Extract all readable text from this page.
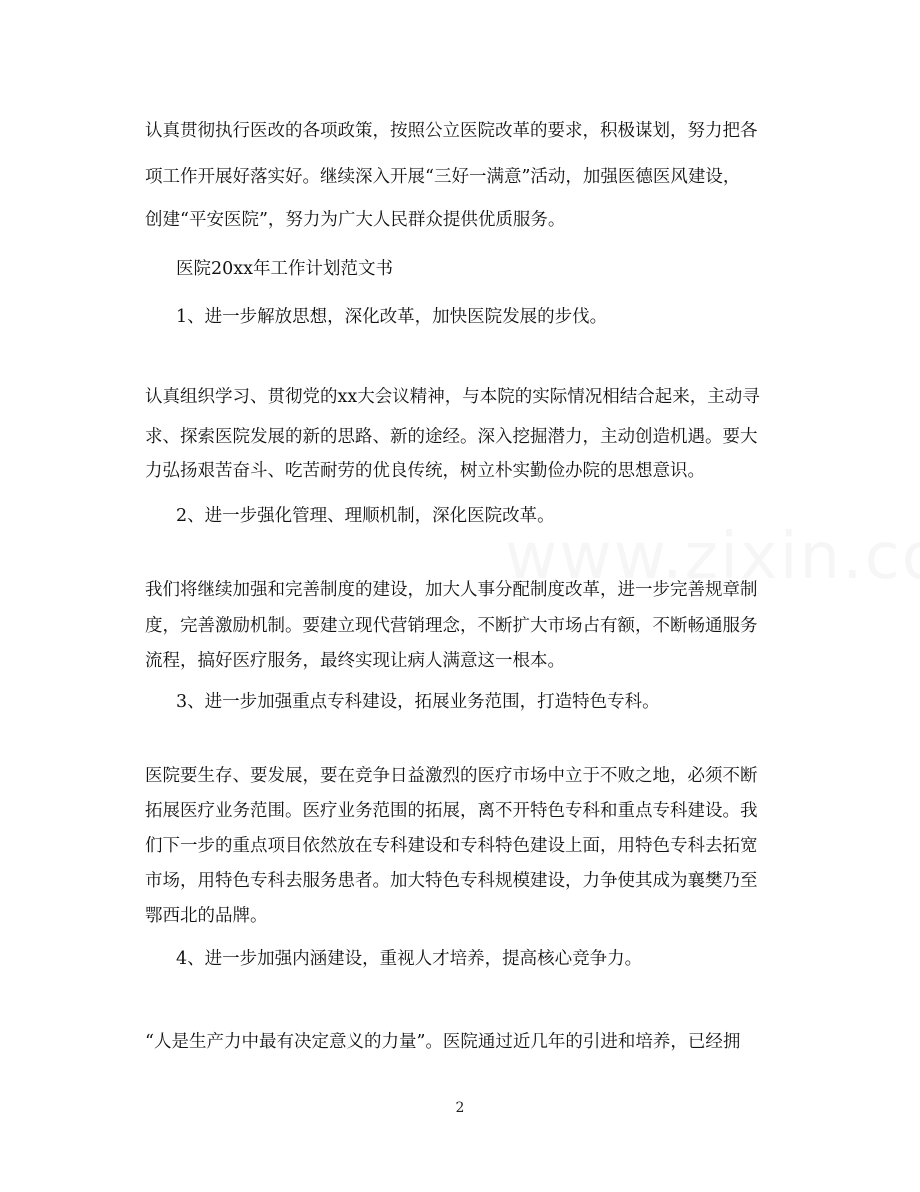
认真贯彻执行医改的各项政策，按照公立医院改革的要求，积极谋划，努力把各

项工作开展好落实好。继续深入开展“三好一满意”活动，加强医德医风建设，

创建“平安医院”，努力为广大人民群众提供优质服务。

医院20xx年工作计划范文书

1、进一步解放思想，深化改革，加快医院发展的步伐。

认真组织学习、贯彻党的xx大会议精神，与本院的实际情况相结合起来，主动寻

求、探索医院发展的新的思路、新的途经。深入挖掘潜力，主动创造机遇。要大

力弘扬艰苦奋斗、吃苦耐劳的优良传统，树立朴实勤俭办院的思想意识。

2、进一步强化管理、理顺机制，深化医院改革。

我们将继续加强和完善制度的建设，加大人事分配制度改革，进一步完善规章制

度，完善激励机制。要建立现代营销理念，不断扩大市场占有额，不断畅通服务

流程，搞好医疗服务，最终实现让病人满意这一根本。

3、进一步加强重点专科建设，拓展业务范围，打造特色专科。

医院要生存、要发展，要在竞争日益激烈的医疗市场中立于不败之地，必须不断

拓展医疗业务范围。医疗业务范围的拓展，离不开特色专科和重点专科建设。我

们下一步的重点项目依然放在专科建设和专科特色建设上面，用特色专科去拓宽

市场，用特色专科去服务患者。加大特色专科规模建设，力争使其成为襄樊乃至

鄂西北的品牌。

4、进一步加强内涵建设，重视人才培养，提高核心竞争力。

“人是生产力中最有决定意义的力量”。医院通过近几年的引进和培养，已经拥

2
